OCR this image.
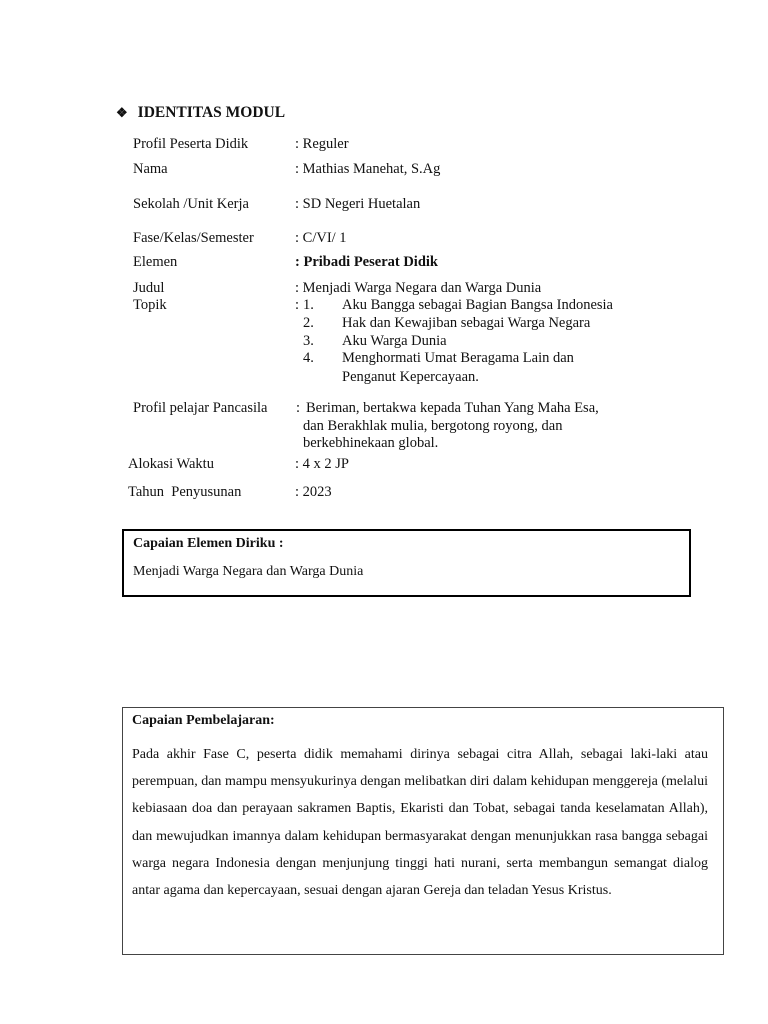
❖ IDENTITAS MODUL
Profil Peserta Didik	: Reguler
Nama	: Mathias Manehat, S.Ag
Sekolah /Unit Kerja	: SD Negeri Huetalan
Fase/Kelas/Semester	: C/VI/ 1
Elemen	: Pribadi Peserat Didik
Judul	: Menjadi Warga Negara dan Warga Dunia
Topik	: 1. Aku Bangga sebagai Bagian Bangsa Indonesia
2. Hak dan Kewajiban sebagai Warga Negara
3. Aku Warga Dunia
4. Menghormati Umat Beragama Lain dan
Penganut Kepercayaan.
Profil pelajar Pancasila : Beriman, bertakwa kepada Tuhan Yang Maha Esa,
dan Berakhlak mulia, bergotong royong, dan
berkebhinekaan global.
Alokasi Waktu	: 4 x 2 JP
Tahun  Penyusunan	: 2023
Capaian Elemen Diriku :
Menjadi Warga Negara dan Warga Dunia
Capaian Pembelajaran:
Pada akhir Fase C, peserta didik memahami dirinya sebagai citra Allah, sebagai laki-laki atau perempuan, dan mampu mensyukurinya dengan melibatkan diri dalam kehidupan menggereja (melalui kebiasaan doa dan perayaan sakramen Baptis, Ekaristi dan Tobat, sebagai tanda keselamatan Allah), dan mewujudkan imannya dalam kehidupan bermasyarakat dengan menunjukkan rasa bangga sebagai warga negara Indonesia dengan menjunjung tinggi hati nurani, serta membangun semangat dialog antar agama dan kepercayaan, sesuai dengan ajaran Gereja dan teladan Yesus Kristus.
